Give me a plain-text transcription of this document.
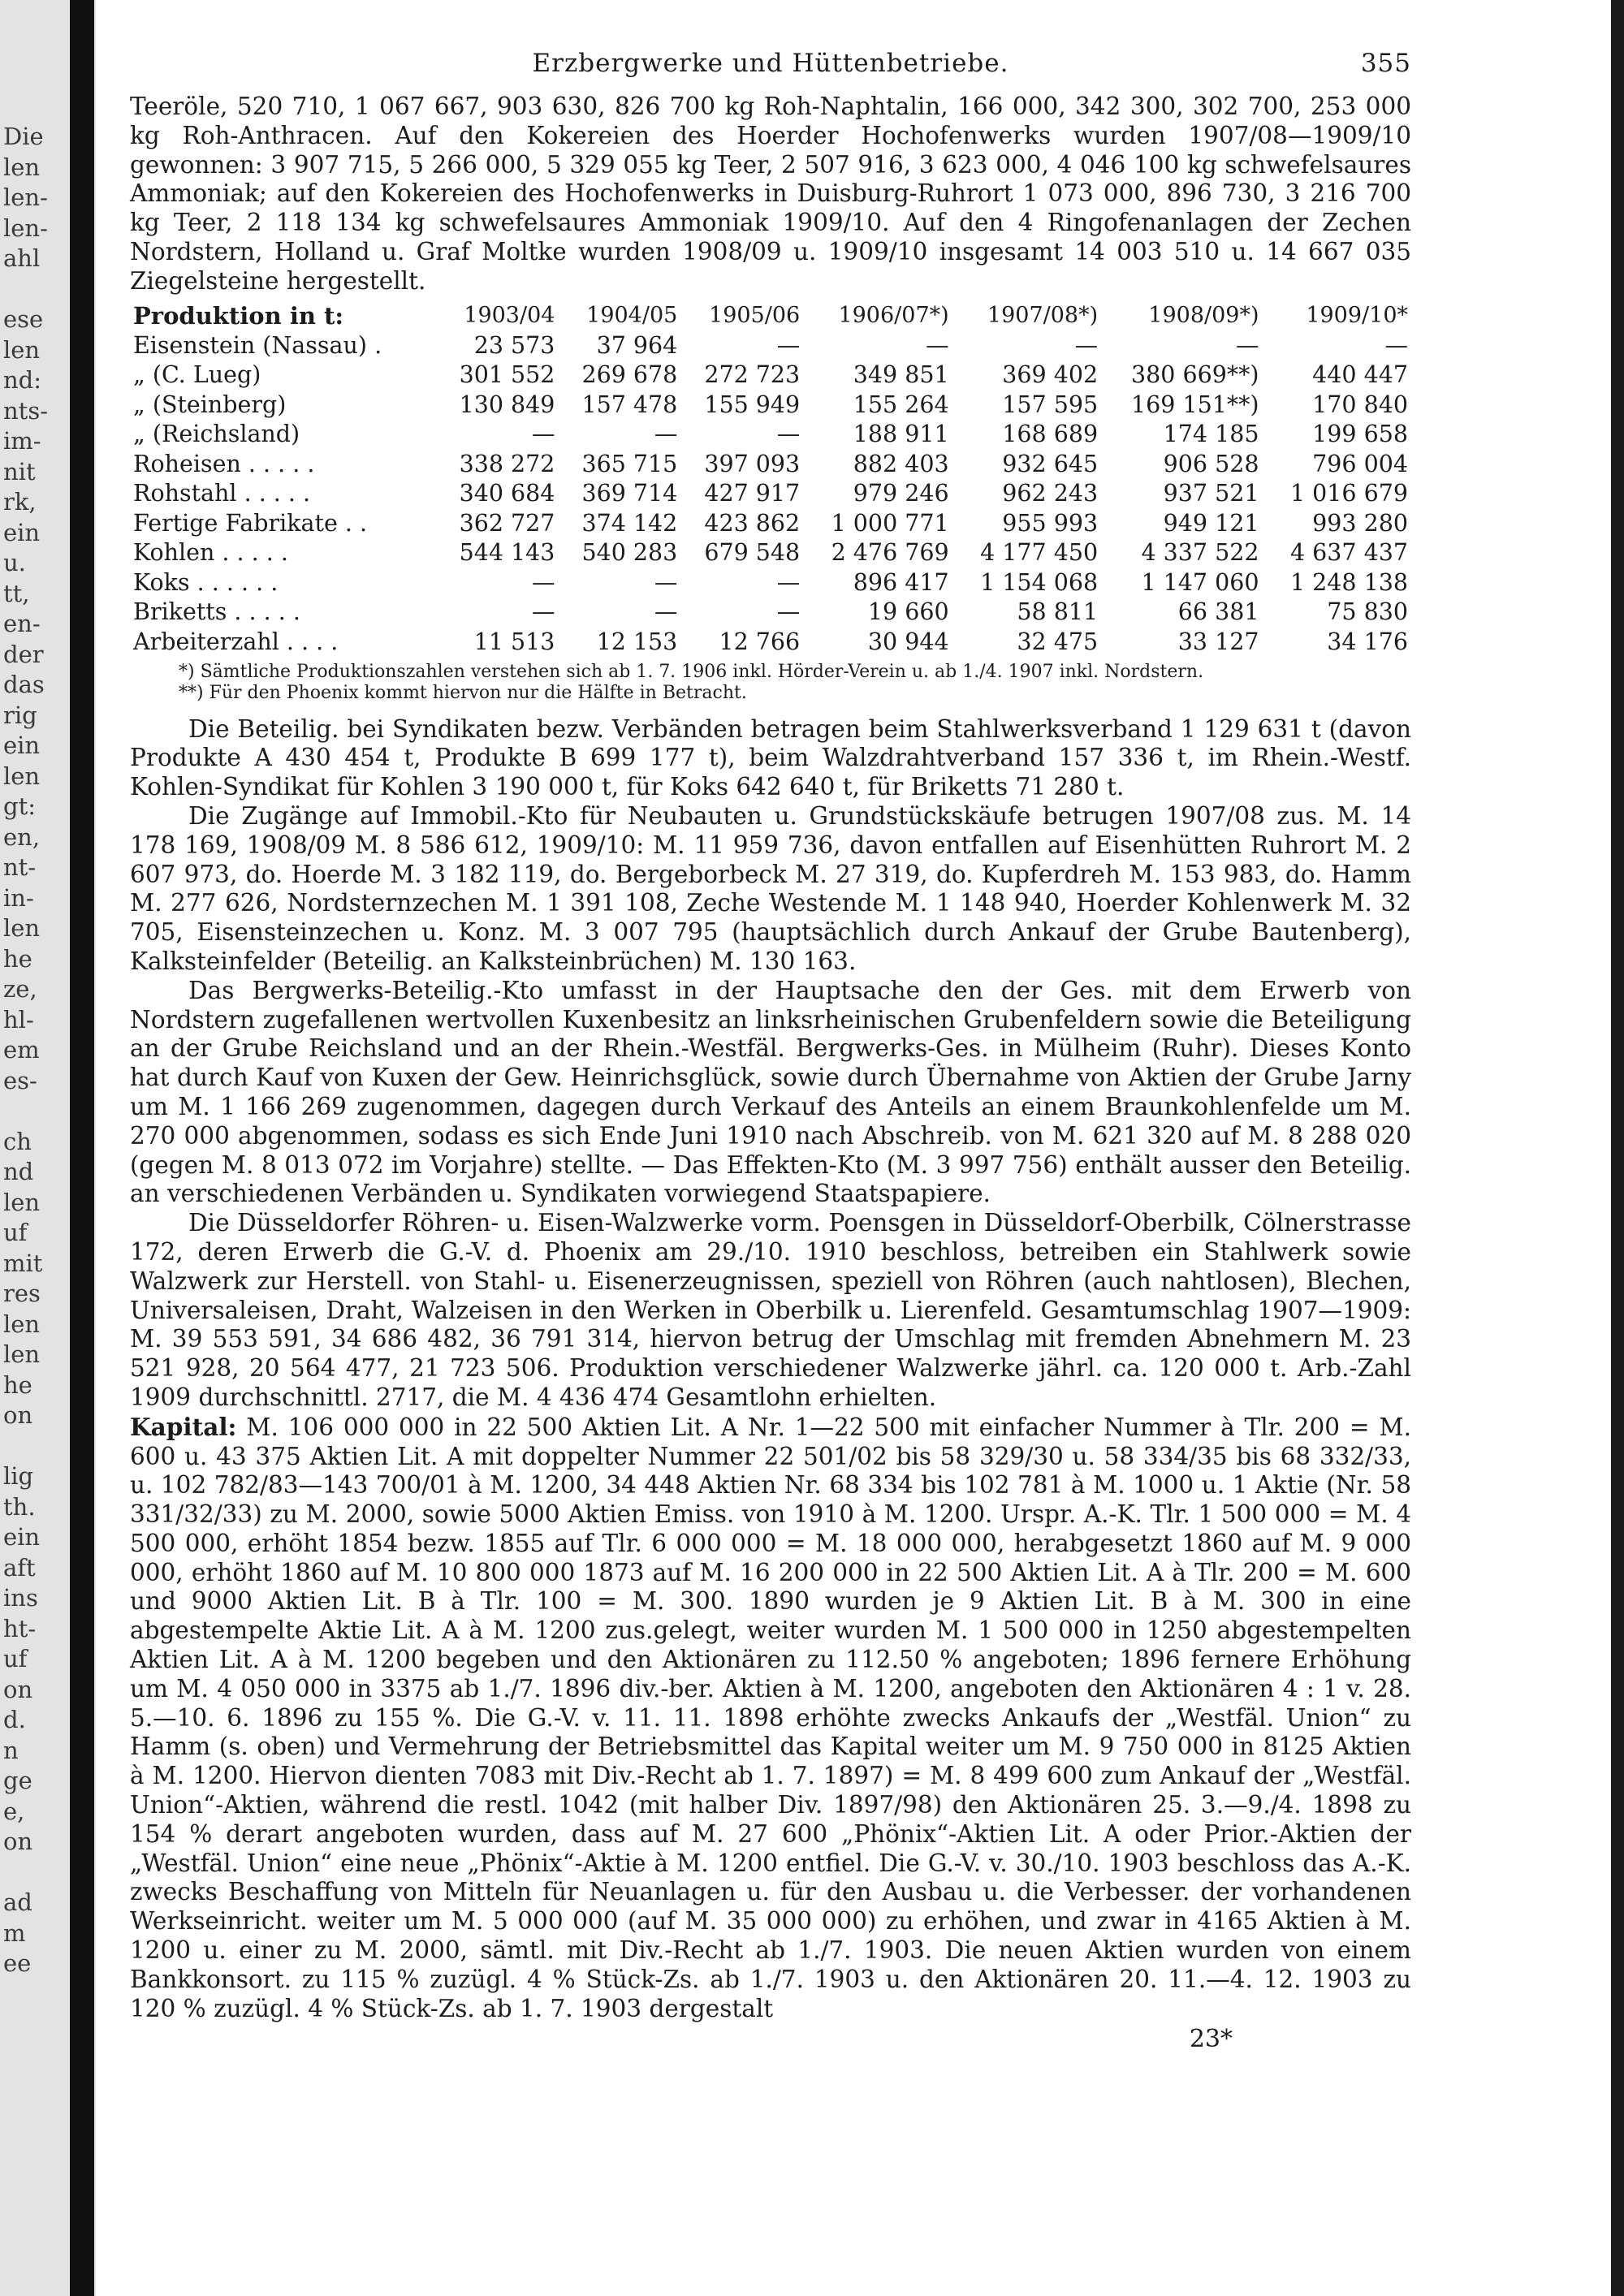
Die
len
len-
len-
ahl
ese
len
nd:
nts-
im-
nit
rk,
ein
u.
tt,
en-
der
das
rig
ein
len
gt:
en,
nt-
in-
len
he
ze,
hl-
em
es-
ch
nd
len
uf
mit
res
len
len
he
on
lig
th.
ein
aft
ins
ht-
uf
on
d.
n
ge
e,
on
ad
m
ee
Erzbergwerke und Hüttenbetriebe.	355

Teeröle, 520 710, 1 067 667, 903 630, 826 700 kg Roh-Naphtalin, 166 000, 342 300, 302 700, 253 000 kg Roh-Anthracen. Auf den Kokereien des Hoerder Hochofenwerks wurden 1907/08—1909/10 gewonnen: 3 907 715, 5 266 000, 5 329 055 kg Teer, 2 507 916, 3 623 000, 4 046 100 kg schwefelsaures Ammoniak; auf den Kokereien des Hochofenwerks in Duisburg-Ruhrort 1 073 000, 896 730, 3 216 700 kg Teer, 2 118 134 kg schwefelsaures Ammoniak 1909/10. Auf den 4 Ringofenanlagen der Zechen Nordstern, Holland u. Graf Moltke wurden 1908/09 u. 1909/10 insgesamt 14 003 510 u. 14 667 035 Ziegelsteine hergestellt.

Produktion in t:	1903/04	1904/05	1905/06	1906/07*)	1907/08*)	1908/09*)	1909/10*
Eisenstein (Nassau) .	23 573	37 964	—	—	—	—	—
„ (C. Lueg)	301 552	269 678	272 723	349 851	369 402	380 669**)	440 447
„ (Steinberg)	130 849	157 478	155 949	155 264	157 595	169 151**)	170 840
„ (Reichsland)	—	—	—	188 911	168 689	174 185	199 658
Roheisen . . . . .	338 272	365 715	397 093	882 403	932 645	906 528	796 004
Rohstahl . . . . .	340 684	369 714	427 917	979 246	962 243	937 521	1 016 679
Fertige Fabrikate . .	362 727	374 142	423 862	1 000 771	955 993	949 121	993 280
Kohlen . . . . .	544 143	540 283	679 548	2 476 769	4 177 450	4 337 522	4 637 437
Koks . . . . . .	—	—	—	896 417	1 154 068	1 147 060	1 248 138
Briketts . . . . .	—	—	—	19 660	58 811	66 381	75 830
Arbeiterzahl . . . .	11 513	12 153	12 766	30 944	32 475	33 127	34 176
*) Sämtliche Produktionszahlen verstehen sich ab 1. 7. 1906 inkl. Hörder-Verein u. ab 1./4. 1907 inkl. Nordstern.
**) Für den Phoenix kommt hiervon nur die Hälfte in Betracht.

Die Beteilig. bei Syndikaten bezw. Verbänden betragen beim Stahlwerksverband 1 129 631 t (davon Produkte A 430 454 t, Produkte B 699 177 t), beim Walzdrahtverband 157 336 t, im Rhein.-Westf. Kohlen-Syndikat für Kohlen 3 190 000 t, für Koks 642 640 t, für Briketts 71 280 t.

Die Zugänge auf Immobil.-Kto für Neubauten u. Grundstückskäufe betrugen 1907/08 zus. M. 14 178 169, 1908/09 M. 8 586 612, 1909/10: M. 11 959 736, davon entfallen auf Eisenhütten Ruhrort M. 2 607 973, do. Hoerde M. 3 182 119, do. Bergeborbeck M. 27 319, do. Kupferdreh M. 153 983, do. Hamm M. 277 626, Nordsternzechen M. 1 391 108, Zeche Westende M. 1 148 940, Hoerder Kohlenwerk M. 32 705, Eisensteinzechen u. Konz. M. 3 007 795 (hauptsächlich durch Ankauf der Grube Bautenberg), Kalksteinfelder (Beteilig. an Kalksteinbrüchen) M. 130 163.

Das Bergwerks-Beteilig.-Kto umfasst in der Hauptsache den der Ges. mit dem Erwerb von Nordstern zugefallenen wertvollen Kuxenbesitz an linksrheinischen Grubenfeldern sowie die Beteiligung an der Grube Reichsland und an der Rhein.-Westfäl. Bergwerks-Ges. in Mülheim (Ruhr). Dieses Konto hat durch Kauf von Kuxen der Gew. Heinrichsglück, sowie durch Übernahme von Aktien der Grube Jarny um M. 1 166 269 zugenommen, dagegen durch Verkauf des Anteils an einem Braunkohlenfelde um M. 270 000 abgenommen, sodass es sich Ende Juni 1910 nach Abschreib. von M. 621 320 auf M. 8 288 020 (gegen M. 8 013 072 im Vorjahre) stellte. — Das Effekten-Kto (M. 3 997 756) enthält ausser den Beteilig. an verschiedenen Verbänden u. Syndikaten vorwiegend Staatspapiere.

Die Düsseldorfer Röhren- u. Eisen-Walzwerke vorm. Poensgen in Düsseldorf-Oberbilk, Cölnerstrasse 172, deren Erwerb die G.-V. d. Phoenix am 29./10. 1910 beschloss, betreiben ein Stahlwerk sowie Walzwerk zur Herstell. von Stahl- u. Eisenerzeugnissen, speziell von Röhren (auch nahtlosen), Blechen, Universaleisen, Draht, Walzeisen in den Werken in Oberbilk u. Lierenfeld. Gesamtumschlag 1907—1909: M. 39 553 591, 34 686 482, 36 791 314, hiervon betrug der Umschlag mit fremden Abnehmern M. 23 521 928, 20 564 477, 21 723 506. Produktion verschiedener Walzwerke jährl. ca. 120 000 t. Arb.-Zahl 1909 durchschnittl. 2717, die M. 4 436 474 Gesamtlohn erhielten.

Kapital: M. 106 000 000 in 22 500 Aktien Lit. A Nr. 1—22 500 mit einfacher Nummer à Tlr. 200 = M. 600 u. 43 375 Aktien Lit. A mit doppelter Nummer 22 501/02 bis 58 329/30 u. 58 334/35 bis 68 332/33, u. 102 782/83—143 700/01 à M. 1200, 34 448 Aktien Nr. 68 334 bis 102 781 à M. 1000 u. 1 Aktie (Nr. 58 331/32/33) zu M. 2000, sowie 5000 Aktien Emiss. von 1910 à M. 1200. Urspr. A.-K. Tlr. 1 500 000 = M. 4 500 000, erhöht 1854 bezw. 1855 auf Tlr. 6 000 000 = M. 18 000 000, herabgesetzt 1860 auf M. 9 000 000, erhöht 1860 auf M. 10 800 000 1873 auf M. 16 200 000 in 22 500 Aktien Lit. A à Tlr. 200 = M. 600 und 9000 Aktien Lit. B à Tlr. 100 = M. 300. 1890 wurden je 9 Aktien Lit. B à M. 300 in eine abgestempelte Aktie Lit. A à M. 1200 zus.gelegt, weiter wurden M. 1 500 000 in 1250 abgestempelten Aktien Lit. A à M. 1200 begeben und den Aktionären zu 112.50 % angeboten; 1896 fernere Erhöhung um M. 4 050 000 in 3375 ab 1./7. 1896 div.-ber. Aktien à M. 1200, angeboten den Aktionären 4 : 1 v. 28. 5.—10. 6. 1896 zu 155 %. Die G.-V. v. 11. 11. 1898 erhöhte zwecks Ankaufs der „Westfäl. Union“ zu Hamm (s. oben) und Vermehrung der Betriebsmittel das Kapital weiter um M. 9 750 000 in 8125 Aktien à M. 1200. Hiervon dienten 7083 mit Div.-Recht ab 1. 7. 1897) = M. 8 499 600 zum Ankauf der „Westfäl. Union“-Aktien, während die restl. 1042 (mit halber Div. 1897/98) den Aktionären 25. 3.—9./4. 1898 zu 154 % derart angeboten wurden, dass auf M. 27 600 „Phönix“-Aktien Lit. A oder Prior.-Aktien der „Westfäl. Union“ eine neue „Phönix“-Aktie à M. 1200 entfiel. Die G.-V. v. 30./10. 1903 beschloss das A.-K. zwecks Beschaffung von Mitteln für Neuanlagen u. für den Ausbau u. die Verbesser. der vorhandenen Werkseinricht. weiter um M. 5 000 000 (auf M. 35 000 000) zu erhöhen, und zwar in 4165 Aktien à M. 1200 u. einer zu M. 2000, sämtl. mit Div.-Recht ab 1./7. 1903. Die neuen Aktien wurden von einem Bankkonsort. zu 115 % zuzügl. 4 % Stück-Zs. ab 1./7. 1903 u. den Aktionären 20. 11.—4. 12. 1903 zu 120 % zuzügl. 4 % Stück-Zs. ab 1. 7. 1903 dergestalt

23*
